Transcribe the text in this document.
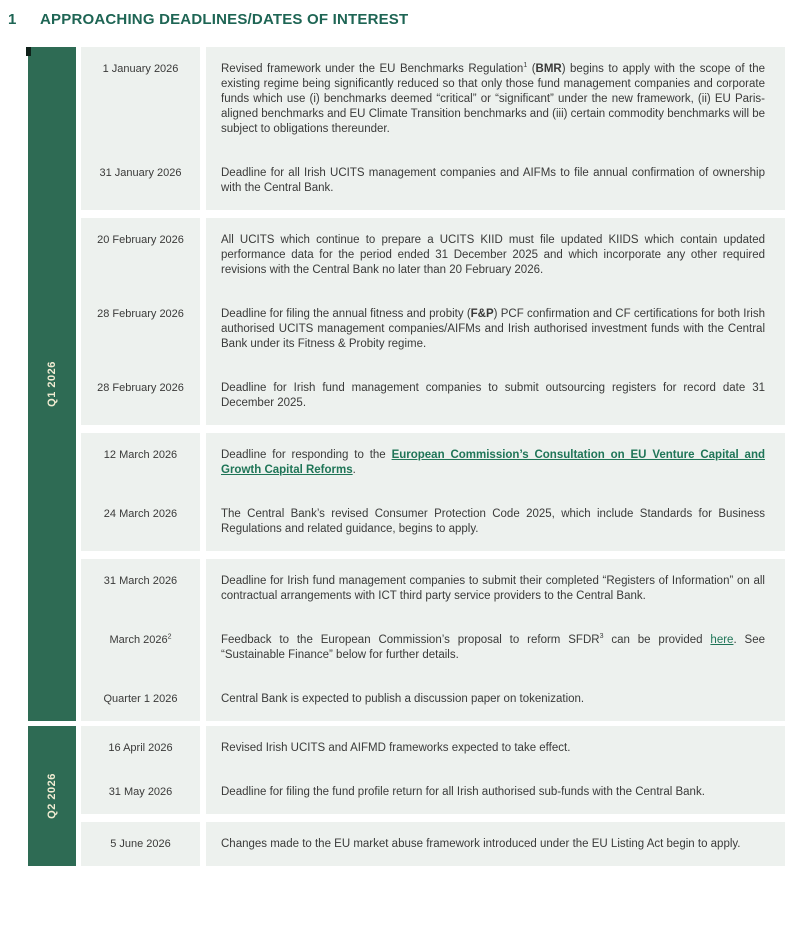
1	APPROACHING DEADLINES/DATES OF INTEREST
Q1 2026
1 January 2026	Revised framework under the EU Benchmarks Regulation$^1$ (BMR) begins to apply with the scope of the existing regime being significantly reduced so that only those fund management companies and corporate funds which use (i) benchmarks deemed “critical” or “significant” under the new framework, (ii) EU Paris-aligned benchmarks and EU Climate Transition benchmarks and (iii) certain commodity benchmarks will be subject to obligations thereunder.
31 January 2026	Deadline for all Irish UCITS management companies and AIFMs to file annual confirmation of ownership with the Central Bank.
20 February 2026	All UCITS which continue to prepare a UCITS KIID must file updated KIIDS which contain updated performance data for the period ended 31 December 2025 and which incorporate any other required revisions with the Central Bank no later than 20 February 2026.
28 February 2026	Deadline for filing the annual fitness and probity (F&P) PCF confirmation and CF certifications for both Irish authorised UCITS management companies/AIFMs and Irish authorised investment funds with the Central Bank under its Fitness & Probity regime.
28 February 2026	Deadline for Irish fund management companies to submit outsourcing registers for record date 31 December 2025.
12 March 2026	Deadline for responding to the European Commission’s Consultation on EU Venture Capital and Growth Capital Reforms.
24 March 2026	The Central Bank’s revised Consumer Protection Code 2025, which include Standards for Business Regulations and related guidance, begins to apply.
31 March 2026	Deadline for Irish fund management companies to submit their completed “Registers of Information” on all contractual arrangements with ICT third party service providers to the Central Bank.
March 2026$^2$	Feedback to the European Commission’s proposal to reform SFDR$^3$ can be provided here. See “Sustainable Finance” below for further details.
Quarter 1 2026	Central Bank is expected to publish a discussion paper on tokenization.
Q2 2026
16 April 2026	Revised Irish UCITS and AIFMD frameworks expected to take effect.
31 May 2026	Deadline for filing the fund profile return for all Irish authorised sub-funds with the Central Bank.
5 June 2026	Changes made to the EU market abuse framework introduced under the EU Listing Act begin to apply.
